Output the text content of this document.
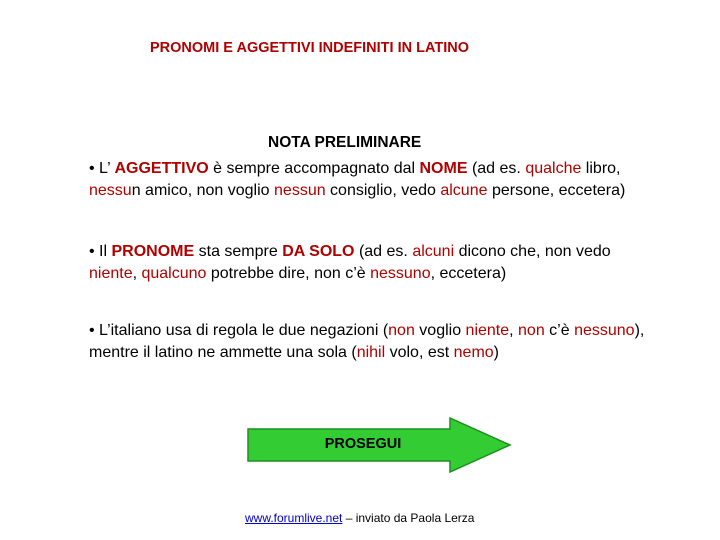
PRONOMI E AGGETTIVI INDEFINITI IN LATINO
NOTA PRELIMINARE
• L’ AGGETTIVO è sempre accompagnato dal NOME (ad es. qualche libro, nessun amico, non voglio nessun consiglio, vedo alcune persone, eccetera)
• Il PRONOME sta sempre DA SOLO (ad es. alcuni dicono che, non vedo niente, qualcuno potrebbe dire, non c’è nessuno, eccetera)
• L’italiano usa di regola le due negazioni (non voglio niente, non c’è nessuno), mentre il latino ne ammette una sola (nihil volo, est nemo)
PROSEGUI
www.forumlive.net – inviato da Paola Lerza
